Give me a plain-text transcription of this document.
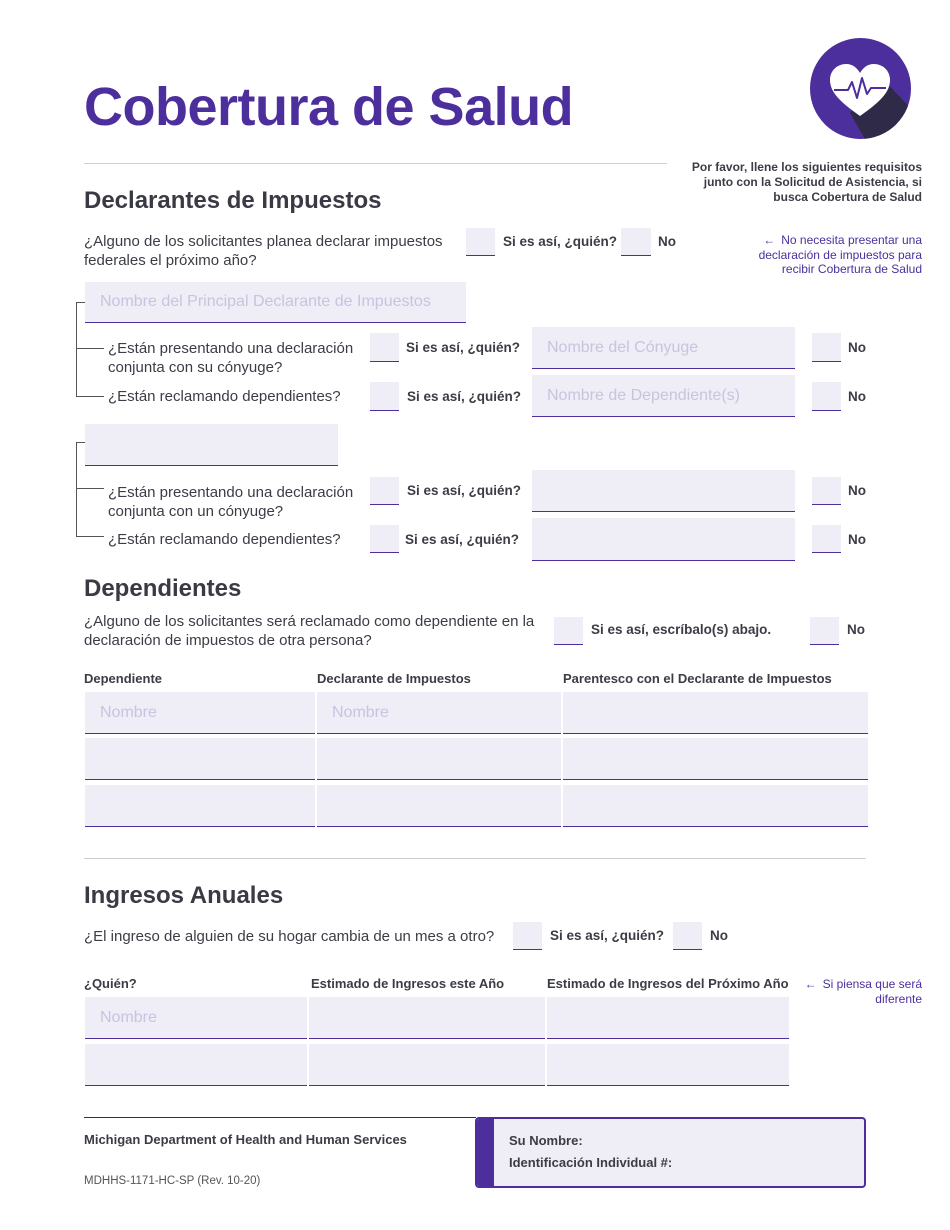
Cobertura de Salud
Por favor, llene los siguientes requisitos junto con la Solicitud de Asistencia, si busca Cobertura de Salud
Declarantes de Impuestos
¿Alguno de los solicitantes planea declarar impuestos federales el próximo año?
Si es así, ¿quién?	No	← No necesita presentar una declaración de impuestos para recibir Cobertura de Salud
Nombre del Principal Declarante de Impuestos
¿Están presentando una declaración conjunta con su cónyuge?
Si es así, ¿quién?	Nombre del Cónyuge	No
¿Están reclamando dependientes?	Si es así, ¿quién?	Nombre de Dependiente(s)	No
¿Están presentando una declaración conjunta con un cónyuge?
Si es así, ¿quién?	No
¿Están reclamando dependientes?	Si es así, ¿quién?	No
Dependientes
¿Alguno de los solicitantes será reclamado como dependiente en la declaración de impuestos de otra persona?
Si es así, escríbalo(s) abajo.	No
Dependiente	Declarante de Impuestos	Parentesco con el Declarante de Impuestos
Nombre	Nombre
Ingresos Anuales
¿El ingreso de alguien de su hogar cambia de un mes a otro?	Si es así, ¿quién?	No
¿Quién?	Estimado de Ingresos este Año	Estimado de Ingresos del Próximo Año	← Si piensa que será diferente
Nombre
Michigan Department of Health and Human Services
MDHHS-1171-HC-SP (Rev. 10-20)
Su Nombre:
Identificación Individual #:
